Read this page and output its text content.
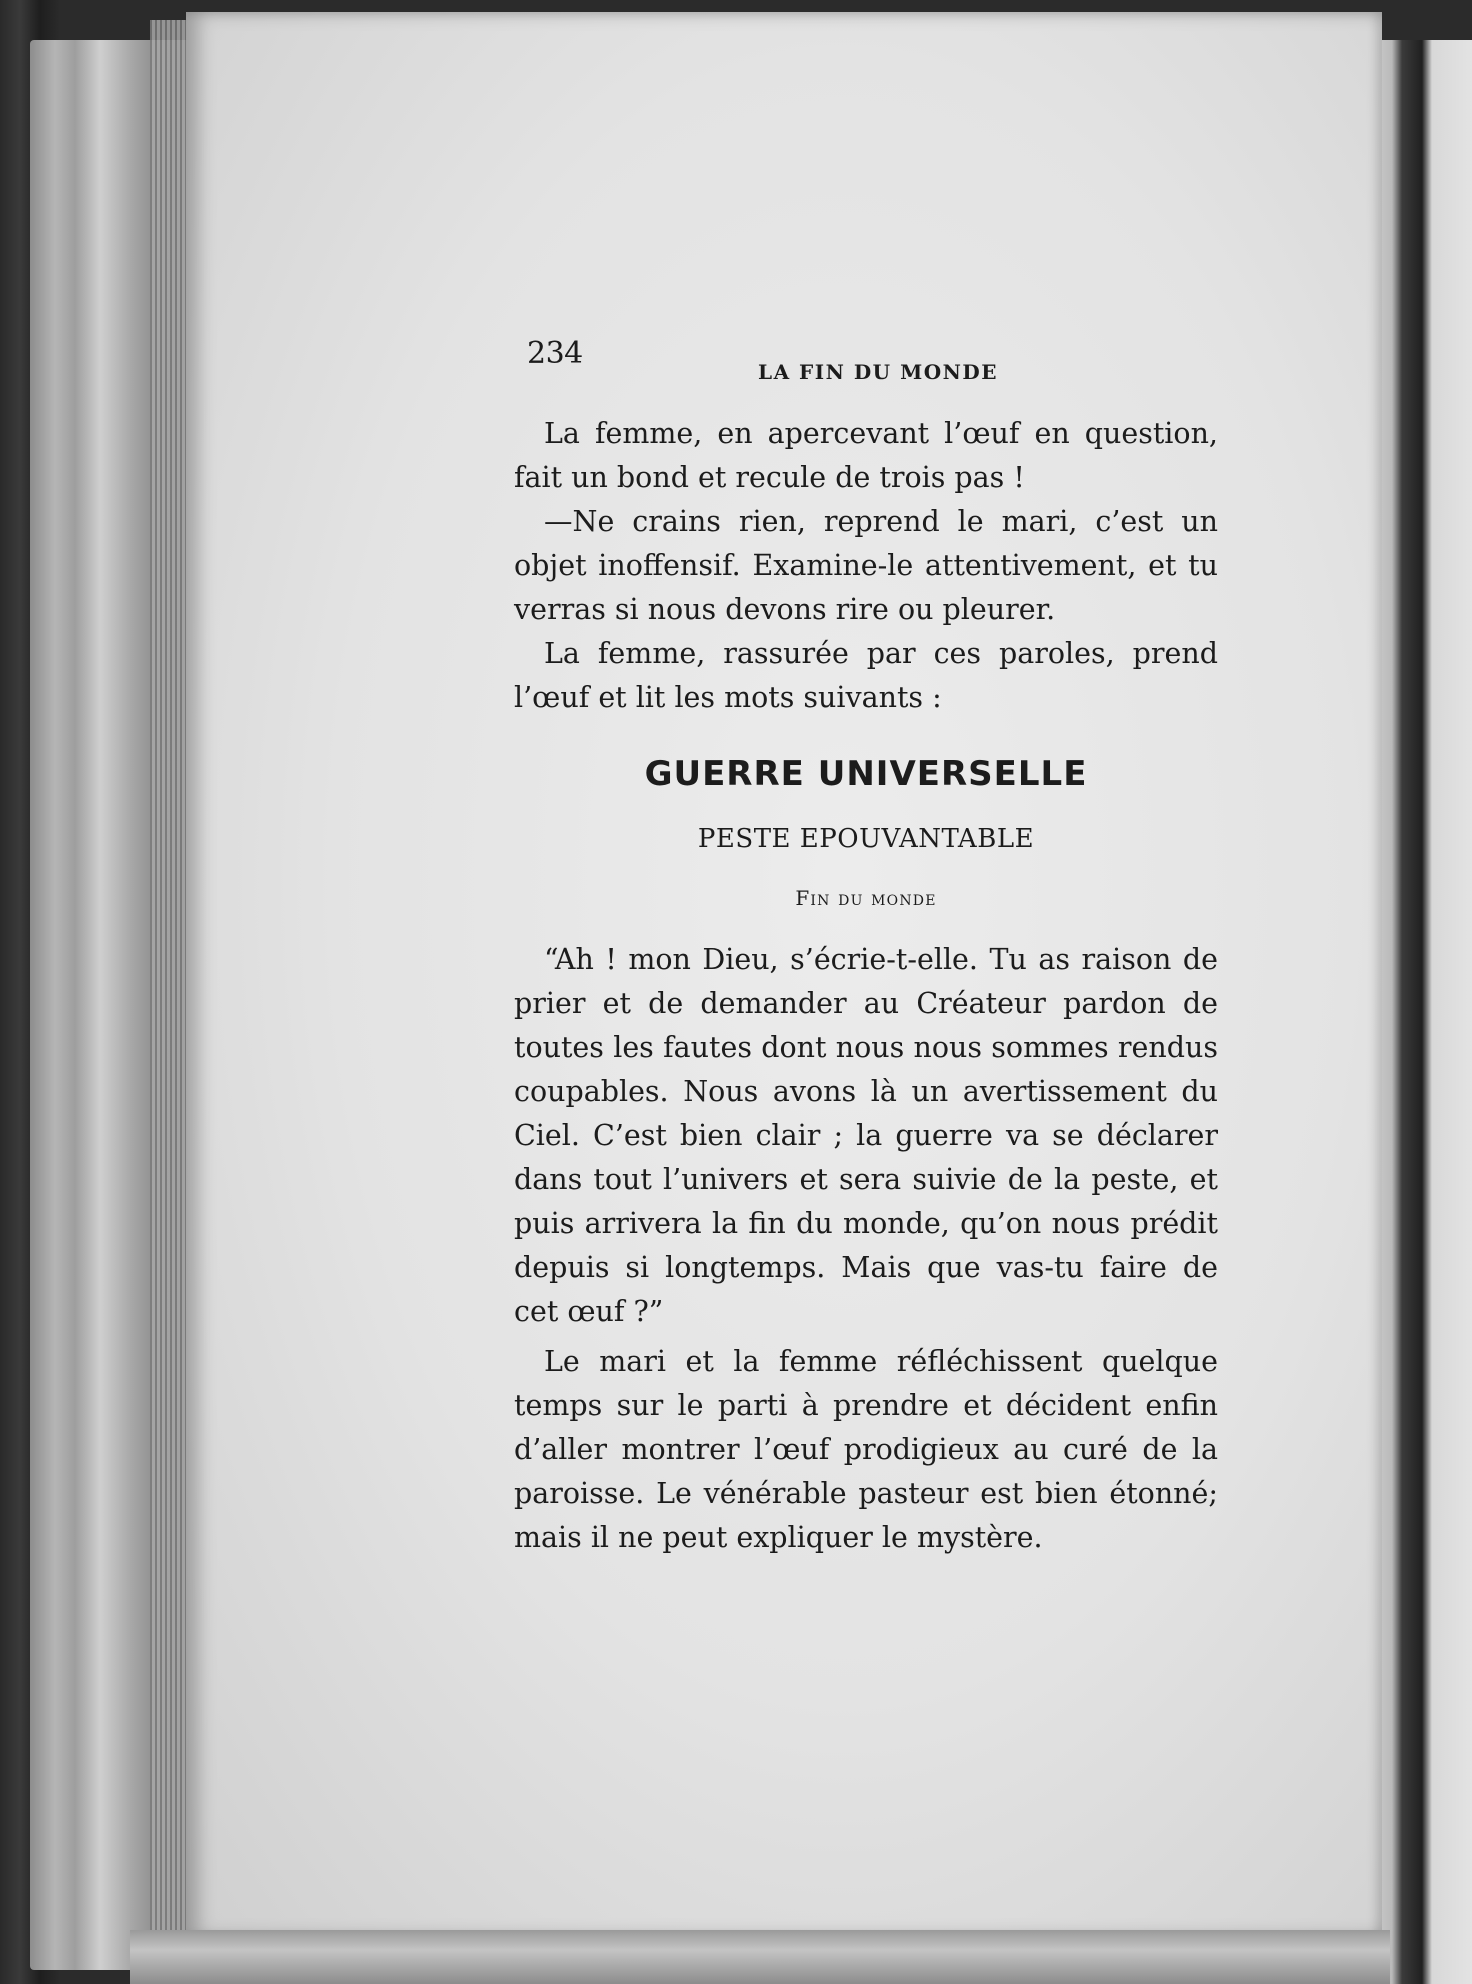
234
LA FIN DU MONDE

La femme, en apercevant l’œuf en question, fait un bond et recule de trois pas !

—Ne crains rien, reprend le mari, c’est un objet inoffensif. Examine-le attentivement, et tu verras si nous devons rire ou pleurer.

La femme, rassurée par ces paroles, prend l’œuf et lit les mots suivants :

GUERRE UNIVERSELLE
PESTE EPOUVANTABLE
Fin du monde

“Ah ! mon Dieu, s’écrie-t-elle. Tu as raison de prier et de demander au Créateur pardon de toutes les fautes dont nous nous sommes rendus coupables. Nous avons là un avertissement du Ciel. C’est bien clair ; la guerre va se déclarer dans tout l’univers et sera suivie de la peste, et puis arrivera la fin du monde, qu’on nous prédit depuis si longtemps. Mais que vas-tu faire de cet œuf ?”

Le mari et la femme réfléchissent quelque temps sur le parti à prendre et décident enfin d’aller montrer l’œuf prodigieux au curé de la paroisse. Le vénérable pasteur est bien étonné; mais il ne peut expliquer le mystère.
